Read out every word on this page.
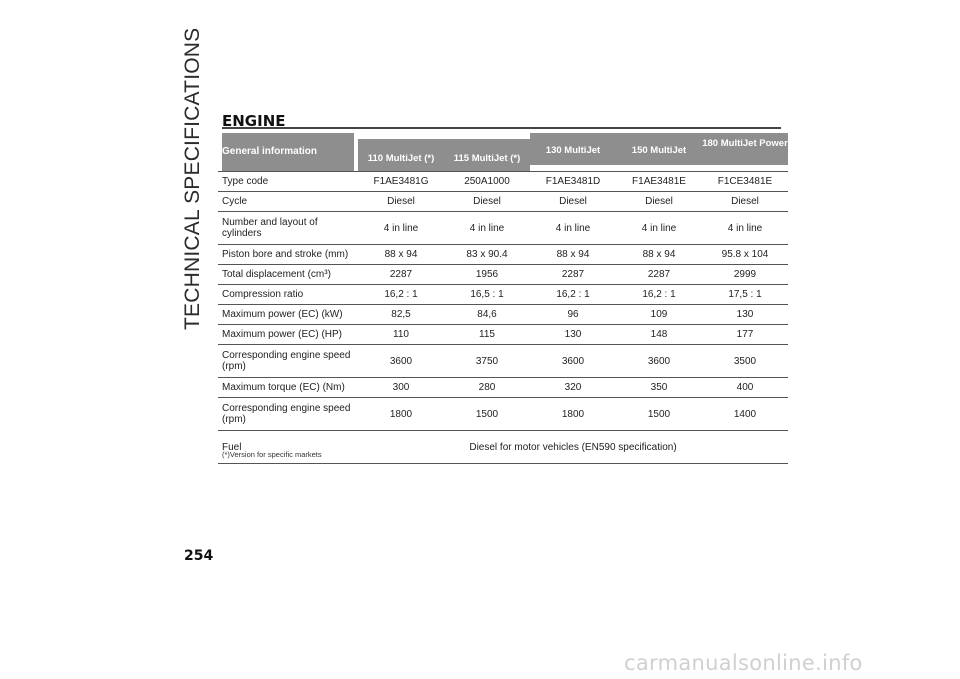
TECHNICAL SPECIFICATIONS ENGINE
General information	110 MultiJet (*)	115 MultiJet (*)	130 MultiJet	150 MultiJet	180 MultiJet Power

Type code	F1AE3481G	250A1000	F1AE3481D	F1AE3481E	F1CE3481E
Cycle	Diesel	Diesel	Diesel	Diesel	Diesel
Number and layout of cylinders	4 in line	4 in line	4 in line	4 in line	4 in line
Piston bore and stroke (mm)	88 x 94	83 x 90.4	88 x 94	88 x 94	95.8 x 104
Total displacement (cm³)	2287	1956	2287	2287	2999
Compression ratio	16,2 : 1	16,5 : 1	16,2 : 1	16,2 : 1	17,5 : 1
Maximum power (EC) (kW)	82,5	84,6	96	109	130
Maximum power (EC) (HP)	110	115	130	148	177
Corresponding engine speed (rpm)	3600	3750	3600	3600	3500
Maximum torque (EC) (Nm)	300	280	320	350	400
Corresponding engine speed (rpm)	1800	1500	1800	1500	1400
Fuel	Diesel for motor vehicles (EN590 specification)				
(*)Version for specific markets
254
carmanualsonline.info
